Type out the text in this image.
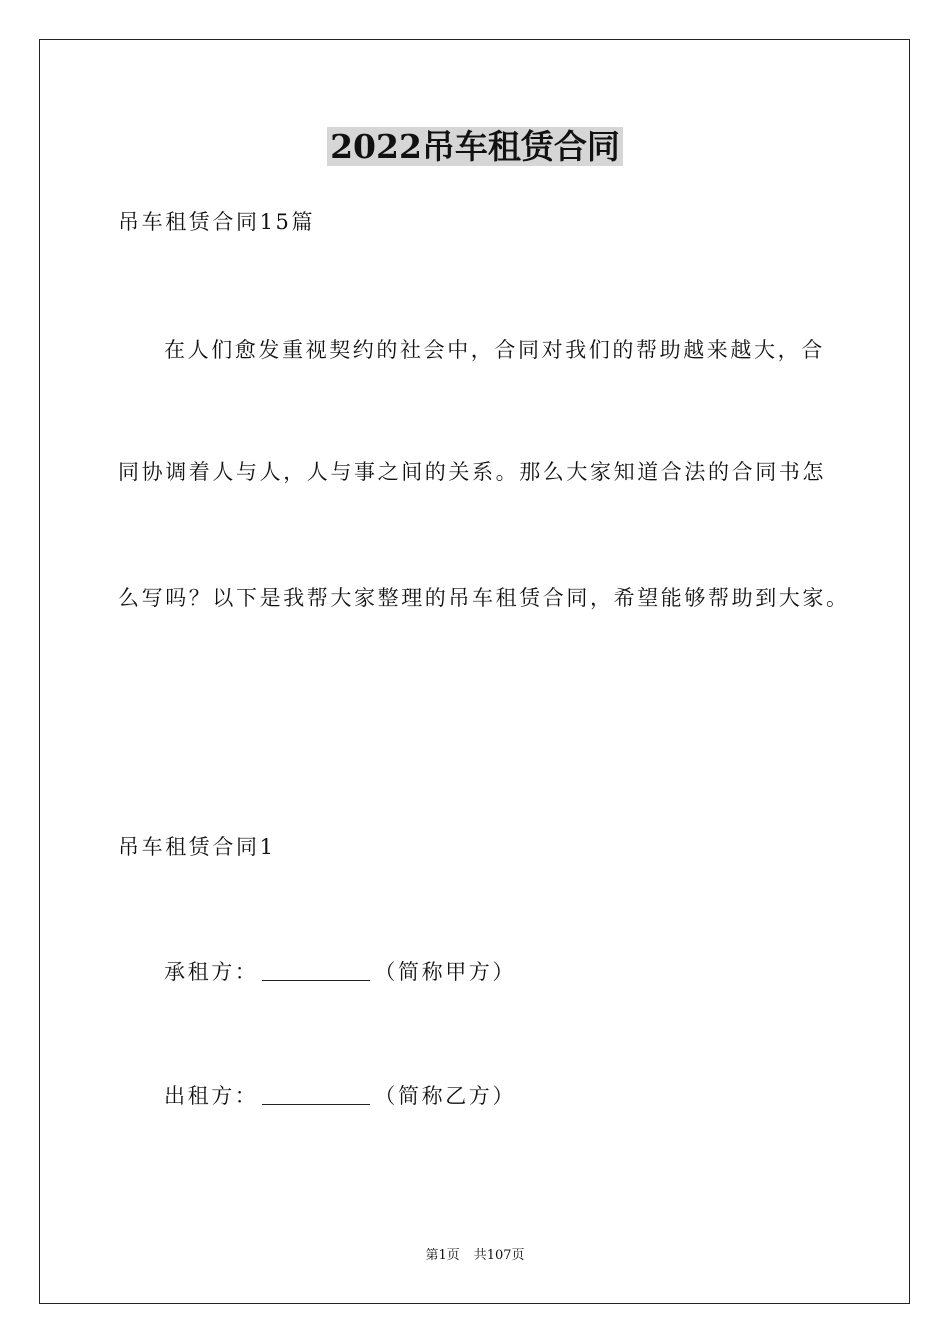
2022吊车租赁合同
吊车租赁合同15篇
在人们愈发重视契约的社会中，合同对我们的帮助越来越大，合
同协调着人与人，人与事之间的关系。那么大家知道合法的合同书怎
么写吗？以下是我帮大家整理的吊车租赁合同，希望能够帮助到大家。
吊车租赁合同1
承租方：	（简称甲方）
出租方：	（简称乙方）
第1页 共107页
